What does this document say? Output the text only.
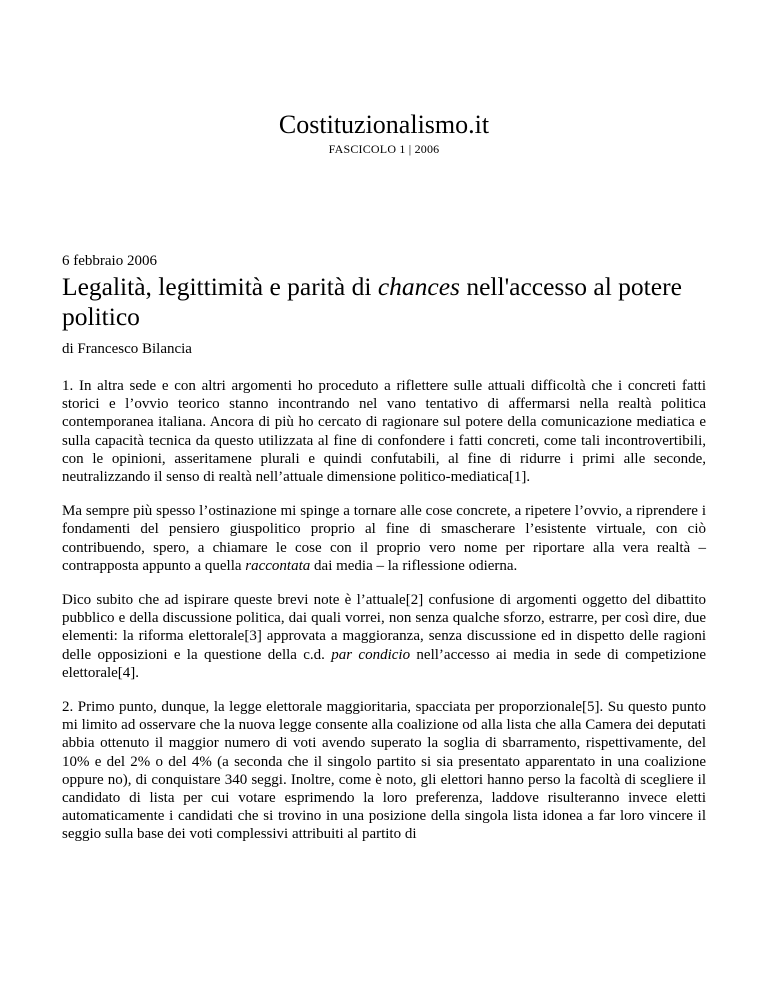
Costituzionalismo.it
FASCICOLO 1 | 2006
6 febbraio 2006
Legalità, legittimità e parità di chances nell'accesso al potere politico
di Francesco Bilancia

1. In altra sede e con altri argomenti ho proceduto a riflettere sulle attuali difficoltà che i concreti fatti storici e l’ovvio teorico stanno incontrando nel vano tentativo di affermarsi nella realtà politica contemporanea italiana. Ancora di più ho cercato di ragionare sul potere della comunicazione mediatica e sulla capacità tecnica da questo utilizzata al fine di confondere i fatti concreti, come tali incontrovertibili, con le opinioni, asseritamene plurali e quindi confutabili, al fine di ridurre i primi alle seconde, neutralizzando il senso di realtà nell’attuale dimensione politico-mediatica[1].

Ma sempre più spesso l’ostinazione mi spinge a tornare alle cose concrete, a ripetere l’ovvio, a riprendere i fondamenti del pensiero giuspolitico proprio al fine di smascherare l’esistente virtuale, con ciò contribuendo, spero, a chiamare le cose con il proprio vero nome per riportare alla vera realtà – contrapposta appunto a quella raccontata dai media – la riflessione odierna.

Dico subito che ad ispirare queste brevi note è l’attuale[2] confusione di argomenti oggetto del dibattito pubblico e della discussione politica, dai quali vorrei, non senza qualche sforzo, estrarre, per così dire, due elementi: la riforma elettorale[3] approvata a maggioranza, senza discussione ed in dispetto delle ragioni delle opposizioni e la questione della c.d. par condicio nell’accesso ai media in sede di competizione elettorale[4].

2. Primo punto, dunque, la legge elettorale maggioritaria, spacciata per proporzionale[5]. Su questo punto mi limito ad osservare che la nuova legge consente alla coalizione od alla lista che alla Camera dei deputati abbia ottenuto il maggior numero di voti avendo superato la soglia di sbarramento, rispettivamente, del 10% e del 2% o del 4% (a seconda che il singolo partito si sia presentato apparentato in una coalizione oppure no), di conquistare 340 seggi. Inoltre, come è noto, gli elettori hanno perso la facoltà di scegliere il candidato di lista per cui votare esprimendo la loro preferenza, laddove risulteranno invece eletti automaticamente i candidati che si trovino in una posizione della singola lista idonea a far loro vincere il seggio sulla base dei voti complessivi attribuiti al partito di
